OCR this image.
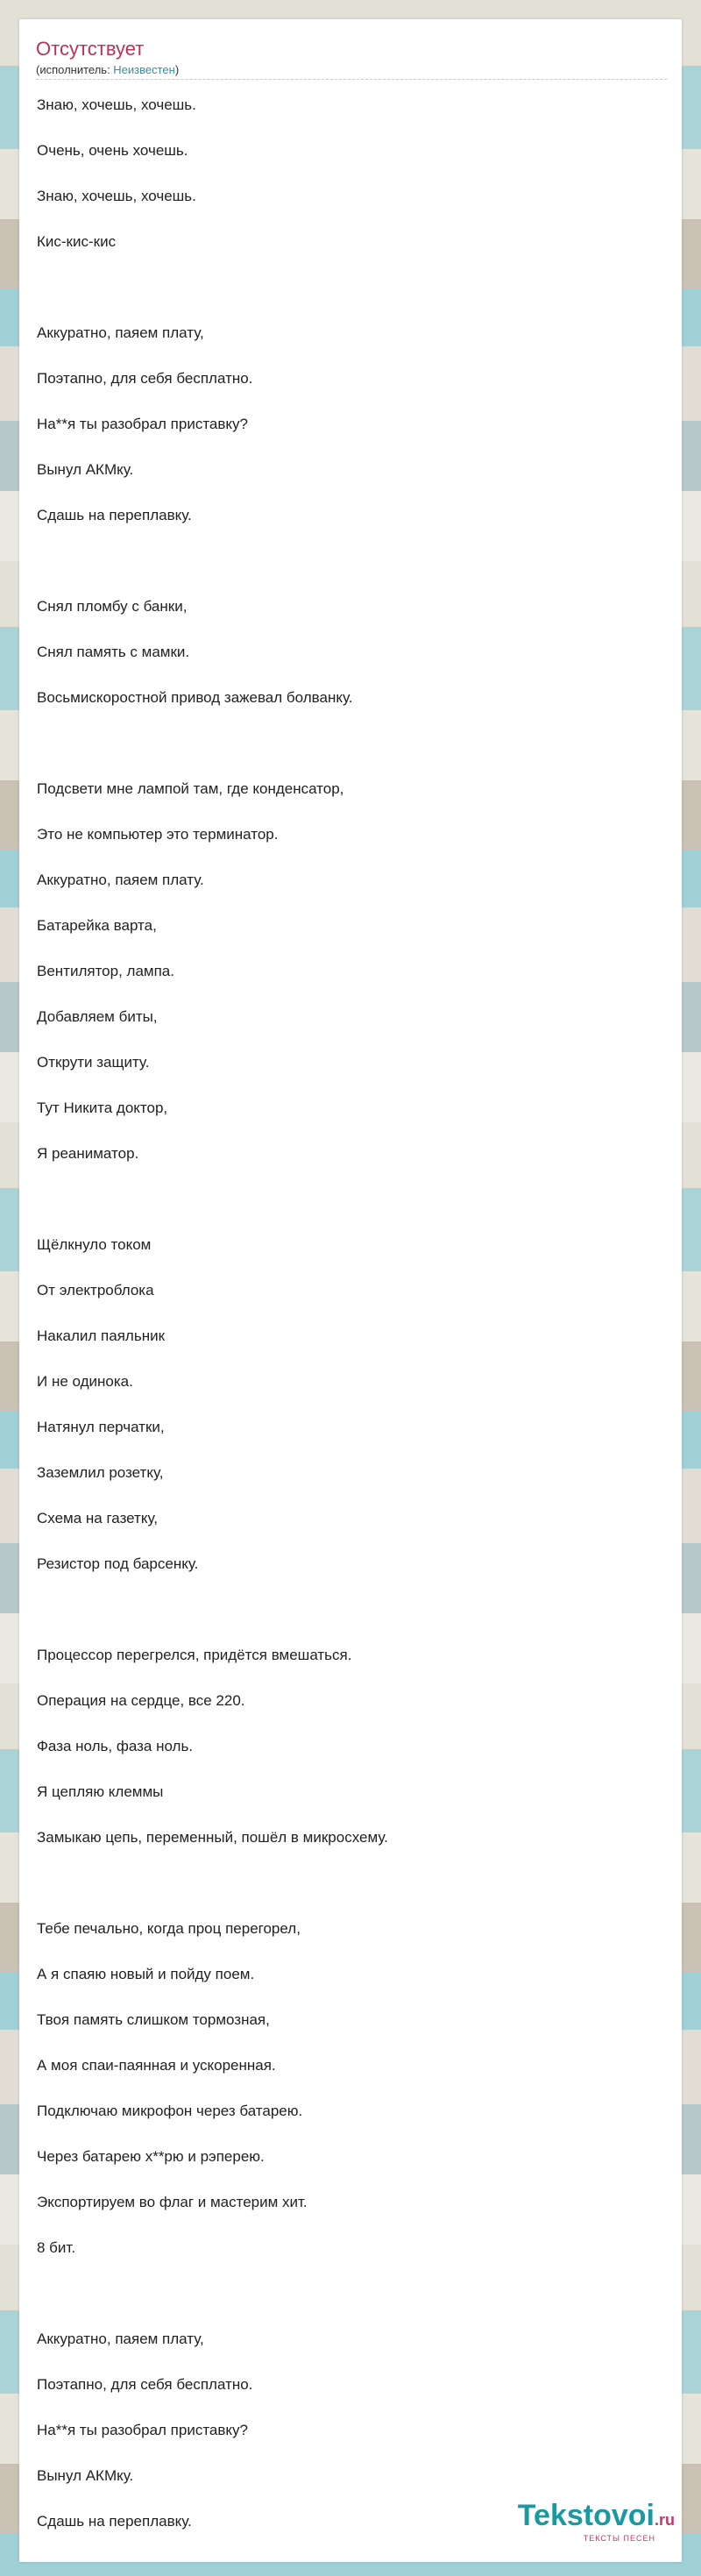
Отсутствует
(исполнитель: Неизвестен)
Знаю, хочешь, хочешь.
Очень, очень хочешь.
Знаю, хочешь, хочешь.
Кис-кис-кис
Аккуратно, паяем плату,
Поэтапно, для себя бесплатно.
На**я ты разобрал приставку?
Вынул АКМку.
Сдашь на переплавку.
Снял пломбу с банки,
Снял память с мамки.
Восьмискоростной привод зажевал болванку.
Подсвети мне лампой там, где конденсатор,
Это не компьютер это терминатор.
Аккуратно, паяем плату.
Батарейка варта,
Вентилятор, лампа.
Добавляем биты,
Открути защиту.
Тут Никита доктор,
Я реаниматор.
Щёлкнуло током
От электроблока
Накалил паяльник
И не одинока.
Натянул перчатки,
Заземлил розетку,
Схема на газетку,
Резистор под барсенку.
Процессор перегрелся, придётся вмешаться.
Операция на сердце, все 220.
Фаза ноль, фаза ноль.
Я цепляю клеммы
Замыкаю цепь, переменный, пошёл в микросхему.
Тебе печально, когда проц перегорел,
А я спаяю новый и пойду поем.
Твоя память слишком тормозная,
А моя спаи-паянная и ускоренная.
Подключаю микрофон через батарею.
Через батарею х**рю и рэперею.
Экспортируем во флаг и мастерим хит.
8 бит.
Аккуратно, паяем плату,
Поэтапно, для себя бесплатно.
На**я ты разобрал приставку?
Вынул АКМку.
Сдашь на переплавку.	Tekstovoi.ru
ТЕКСТЫ ПЕСЕН
